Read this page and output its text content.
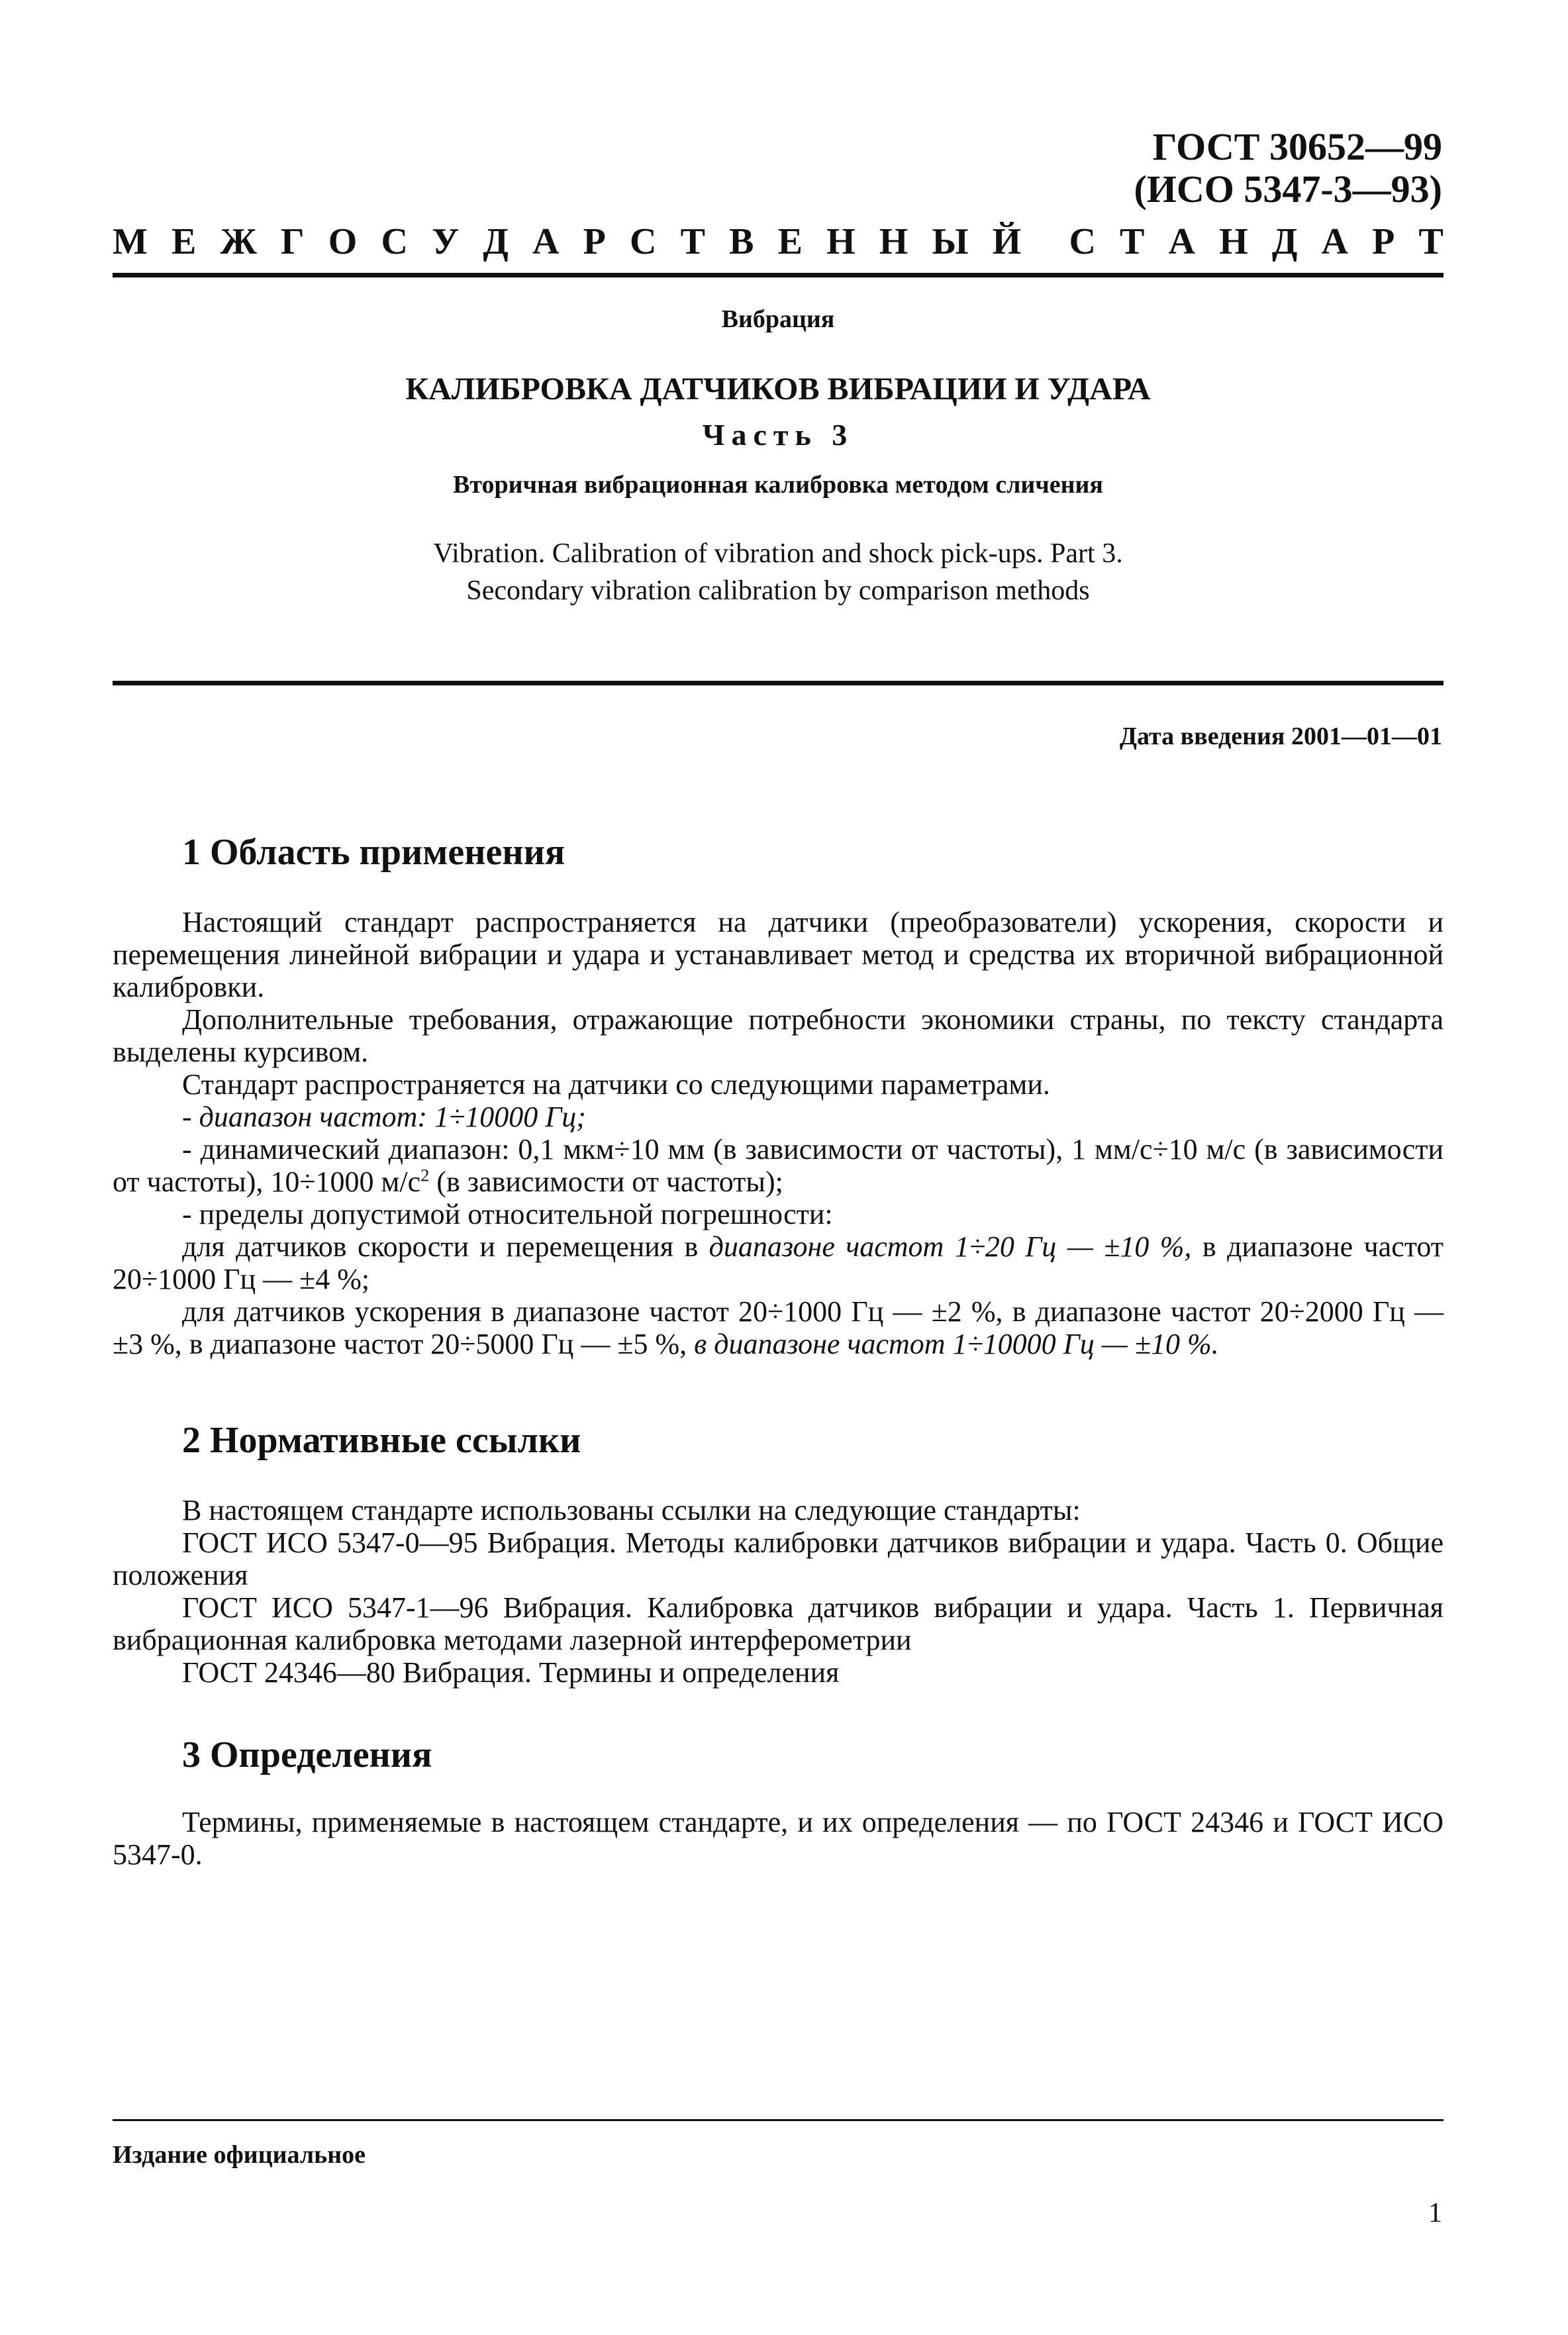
ГОСТ 30652—99
(ИСО 5347-3—93)
М Е Ж Г О С У Д А Р С Т В Е Н Н Ы Й С Т А Н Д А Р Т
Вибрация
КАЛИБРОВКА ДАТЧИКОВ ВИБРАЦИИ И УДАРА
Часть 3
Вторичная вибрационная калибровка методом сличения
Vibration. Calibration of vibration and shock pick-ups. Part 3.
Secondary vibration calibration by comparison methods
Дата введения 2001—01—01
1 Область применения

Настоящий стандарт распространяется на датчики (преобразователи) ускорения, скорости и перемещения линейной вибрации и удара и устанавливает метод и средства их вторичной вибрационной калибровки.

Дополнительные требования, отражающие потребности экономики страны, по тексту стандарта выделены курсивом.

Стандарт распространяется на датчики со следующими параметрами.

- диапазон частот: 1÷10000 Гц;

- динамический диапазон: 0,1 мкм÷10 мм (в зависимости от частоты), 1 мм/с÷10 м/с (в зависимости от частоты), 10÷1000 $м/с^2$ (в зависимости от частоты);

- пределы допустимой относительной погрешности:

для датчиков скорости и перемещения в диапазоне частот 1÷20 Гц — ±10 %, в диапазоне частот 20÷1000 Гц — ±4 %;

для датчиков ускорения в диапазоне частот 20÷1000 Гц — ±2 %, в диапазоне частот 20÷2000 Гц — ±3 %, в диапазоне частот 20÷5000 Гц — ±5 %, в диапазоне частот 1÷10000 Гц — ±10 %.

2 Нормативные ссылки

В настоящем стандарте использованы ссылки на следующие стандарты:

ГОСТ ИСО 5347-0—95 Вибрация. Методы калибровки датчиков вибрации и удара. Часть 0. Общие положения

ГОСТ ИСО 5347-1—96 Вибрация. Калибровка датчиков вибрации и удара. Часть 1. Первичная вибрационная калибровка методами лазерной интерферометрии

ГОСТ 24346—80 Вибрация. Термины и определения

3 Определения

Термины, применяемые в настоящем стандарте, и их определения — по ГОСТ 24346 и ГОСТ ИСО 5347-0.

Издание официальное
1
